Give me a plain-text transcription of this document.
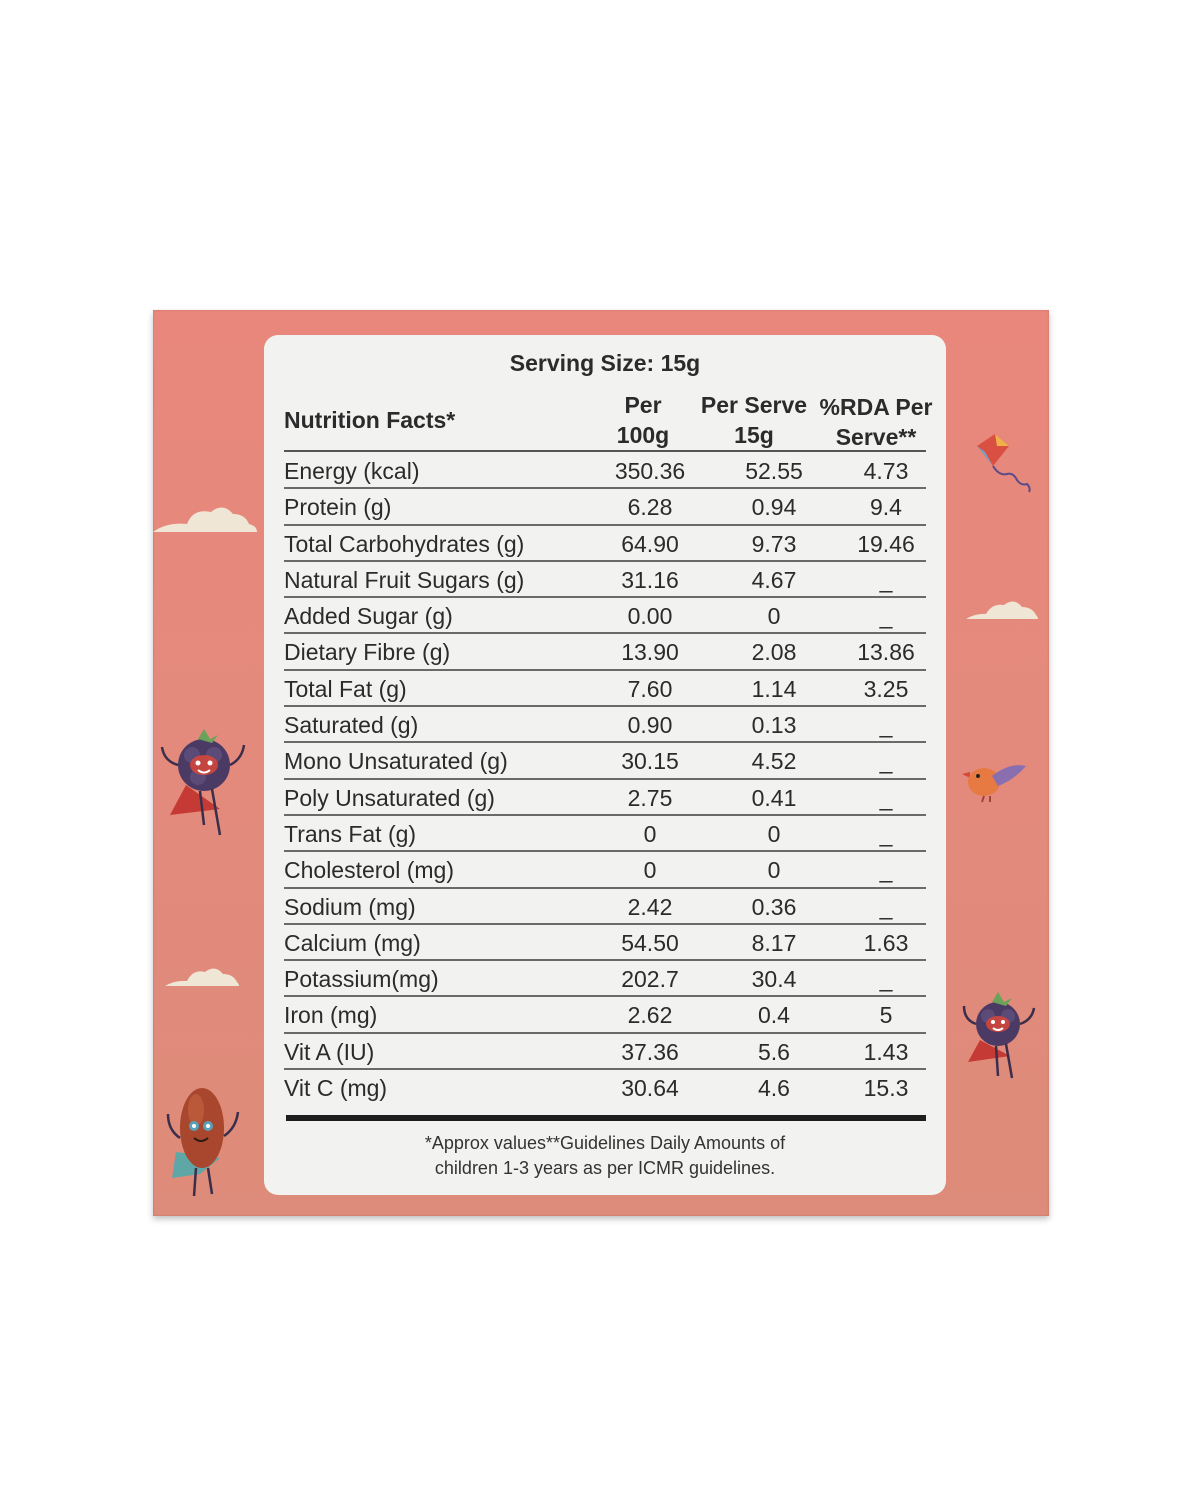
Serving Size: 15g
Nutrition Facts*
Per
100g
Per Serve
15g
%RDA Per
Serve**
Energy (kcal)	350.36	52.55	4.73
Protein (g)	6.28	0.94	9.4
Total Carbohydrates (g)	64.90	9.73	19.46
Natural Fruit Sugars (g)	31.16	4.67	_
Added Sugar (g)	0.00	0	_
Dietary Fibre (g)	13.90	2.08	13.86
Total Fat (g)	7.60	1.14	3.25
Saturated (g)	0.90	0.13	_
Mono Unsaturated (g)	30.15	4.52	_
Poly Unsaturated (g)	2.75	0.41	_
Trans Fat (g)	0	0	_
Cholesterol (mg)	0	0	_
Sodium (mg)	2.42	0.36	_
Calcium (mg)	54.50	8.17	1.63
Potassium(mg)	202.7	30.4	_
Iron (mg)	2.62	0.4	5
Vit A (IU)	37.36	5.6	1.43
Vit C (mg)	30.64	4.6	15.3
*Approx values**Guidelines Daily Amounts of
children 1-3 years as per ICMR guidelines.
